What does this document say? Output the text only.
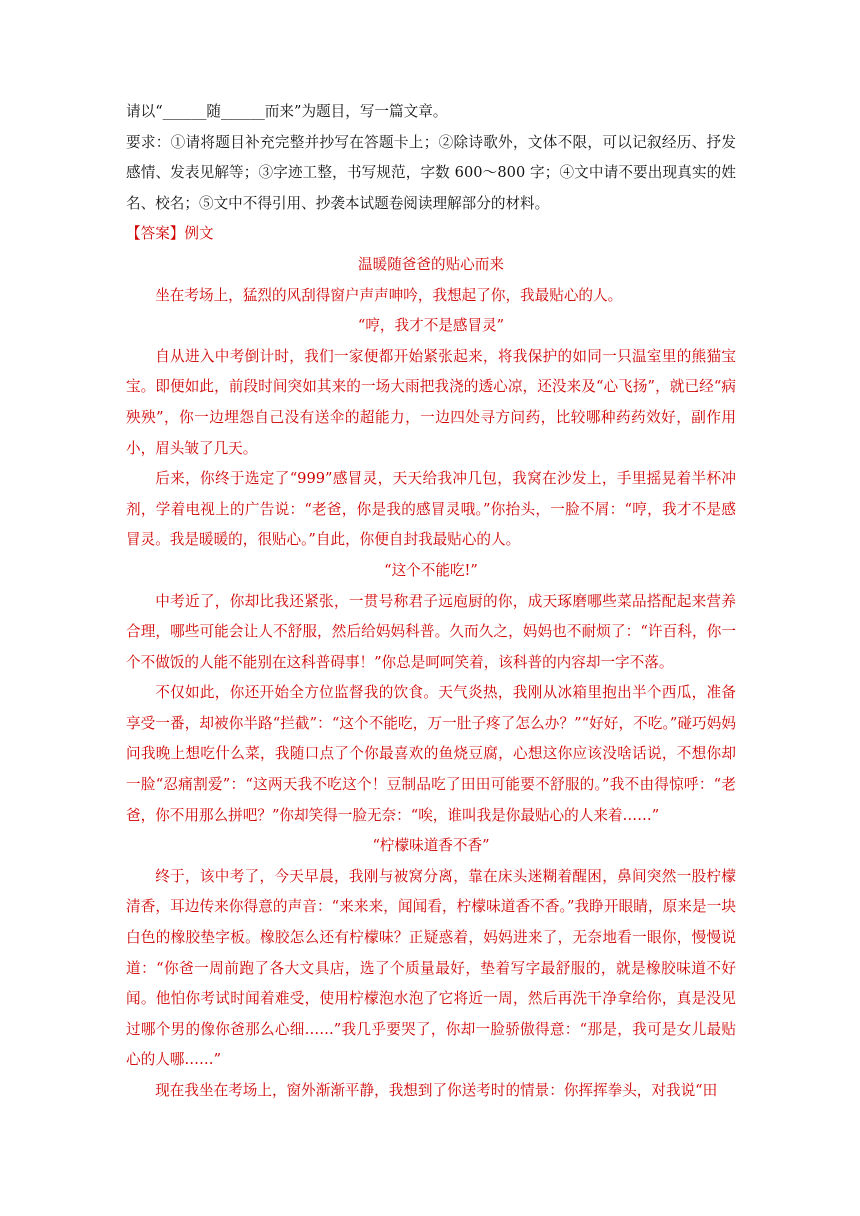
请以“______随______而来”为题目，写一篇文章。

要求：①请将题目补充完整并抄写在答题卡上；②除诗歌外，文体不限，可以记叙经历、抒发感情、发表见解等；③字迹工整，书写规范，字数 600～800 字；④文中请不要出现真实的姓名、校名；⑤文中不得引用、抄袭本试题卷阅读理解部分的材料。

【答案】例文

温暖随爸爸的贴心而来

坐在考场上，猛烈的风刮得窗户声声呻吟，我想起了你，我最贴心的人。

“哼，我才不是感冒灵”

自从进入中考倒计时，我们一家便都开始紧张起来，将我保护的如同一只温室里的熊猫宝宝。即便如此，前段时间突如其来的一场大雨把我浇的透心凉，还没来及“心飞扬”，就已经“病殃殃”，你一边埋怨自己没有送伞的超能力，一边四处寻方问药，比较哪种药药效好，副作用小，眉头皱了几天。

后来，你终于选定了“999”感冒灵，天天给我冲几包，我窝在沙发上，手里摇晃着半杯冲剂，学着电视上的广告说：“老爸，你是我的感冒灵哦。”你抬头，一脸不屑：“哼，我才不是感冒灵。我是暖暖的，很贴心。”自此，你便自封我最贴心的人。

“这个不能吃!”

中考近了，你却比我还紧张，一贯号称君子远庖厨的你，成天琢磨哪些菜品搭配起来营养合理，哪些可能会让人不舒服，然后给妈妈科普。久而久之，妈妈也不耐烦了：“许百科，你一个不做饭的人能不能别在这科普碍事！”你总是呵呵笑着，该科普的内容却一字不落。

不仅如此，你还开始全方位监督我的饮食。天气炎热，我刚从冰箱里抱出半个西瓜，准备享受一番，却被你半路“拦截”：“这个不能吃，万一肚子疼了怎么办？”“好好，不吃。”碰巧妈妈问我晚上想吃什么菜，我随口点了个你最喜欢的鱼烧豆腐，心想这你应该没啥话说，不想你却一脸“忍痛割爱”：“这两天我不吃这个！豆制品吃了田田可能要不舒服的。”我不由得惊呼：“老爸，你不用那么拼吧？”你却笑得一脸无奈：“唉，谁叫我是你最贴心的人来着……”

“柠檬味道香不香”

终于，该中考了，今天早晨，我刚与被窝分离，靠在床头迷糊着醒困，鼻间突然一股柠檬清香，耳边传来你得意的声音：“来来来，闻闻看，柠檬味道香不香。”我睁开眼睛，原来是一块白色的橡胶垫字板。橡胶怎么还有柠檬味？正疑惑着，妈妈进来了，无奈地看一眼你，慢慢说道：“你爸一周前跑了各大文具店，选了个质量最好，垫着写字最舒服的，就是橡胶味道不好闻。他怕你考试时闻着难受，使用柠檬泡水泡了它将近一周，然后再洗干净拿给你，真是没见过哪个男的像你爸那么心细……”我几乎要哭了，你却一脸骄傲得意：“那是，我可是女儿最贴心的人哪……”

现在我坐在考场上，窗外渐渐平静，我想到了你送考时的情景：你挥挥拳头，对我说“田
